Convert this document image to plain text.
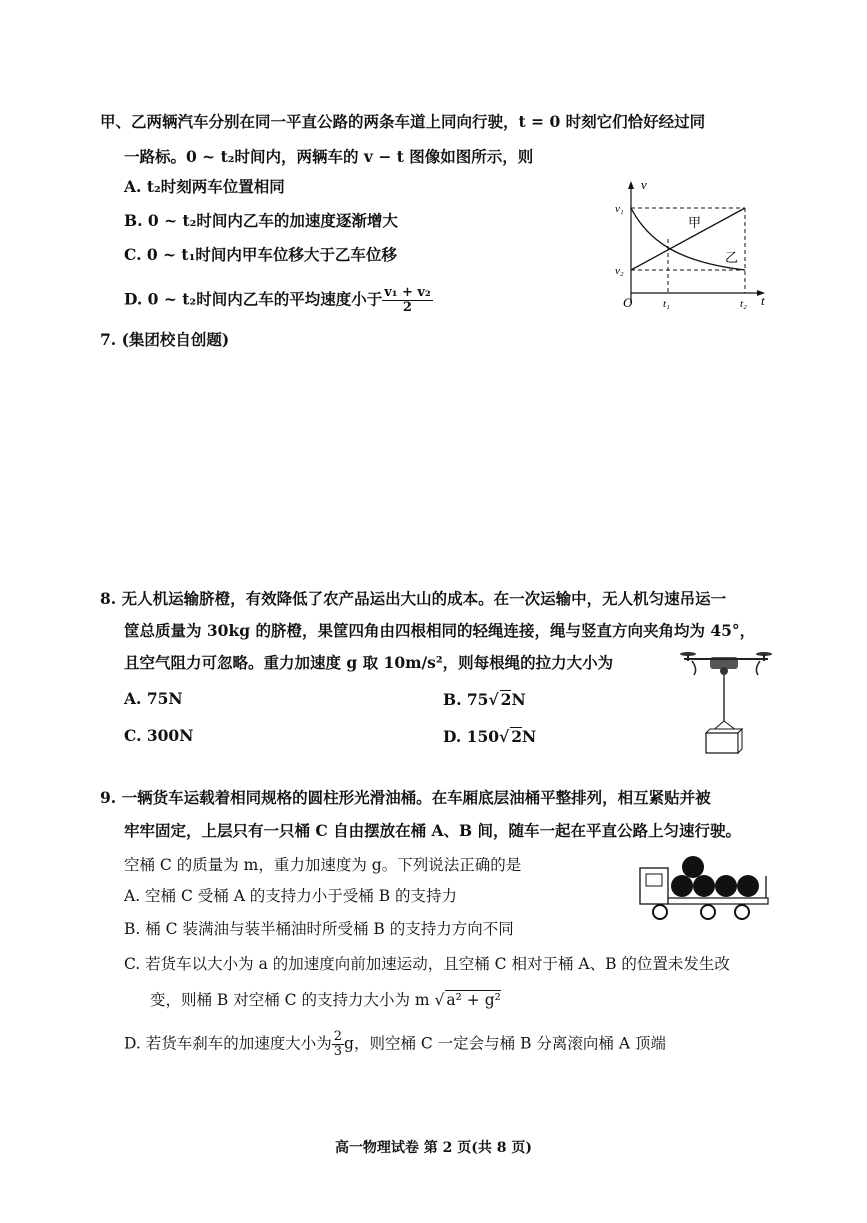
甲、乙两辆汽车分别在同一平直公路的两条车道上同向行驶，t = 0 时刻它们恰好经过同
一路标。0 ~ t₂时间内，两辆车的 v − t 图像如图所示，则
A. t₂时刻两车位置相同
B. 0 ~ t₂时间内乙车的加速度逐渐增大
C. 0 ~ t₁时间内甲车位移大于乙车位移
D. 0 ~ t₂时间内乙车的平均速度小于 $\frac{\text{v₁ + v₂}}{2}$
v
t
O
v₁
v₂
t₁	t₂
甲
乙
7. (集团校自创题)
8. 无人机运输脐橙，有效降低了农产品运出大山的成本。在一次运输中，无人机匀速吊运一
筐总质量为 30kg 的脐橙，果筐四角由四根相同的轻绳连接，绳与竖直方向夹角均为 45°，
且空气阻力可忽略。重力加速度 g 取 10m/s²，则每根绳的拉力大小为
A. 75N	B. 75√ 2N
C. 300N	D. 150√ 2N
9. 一辆货车运载着相同规格的圆柱形光滑油桶。在车厢底层油桶平整排列，相互紧贴并被
牢牢固定，上层只有一只桶 C 自由摆放在桶 A、B 间，随车一起在平直公路上匀速行驶。
空桶 C 的质量为 m，重力加速度为 g。下列说法正确的是
A. 空桶 C 受桶 A 的支持力小于受桶 B 的支持力
B. 桶 C 装满油与装半桶油时所受桶 B 的支持力方向不同
C. 若货车以大小为 a 的加速度向前加速运动，且空桶 C 相对于桶 A、B 的位置未发生改
变，则桶 B 对空桶 C 的支持力大小为 m √ a² + g²
D. 若货车刹车的加速度大小为 $\frac{2}{3}$ g，则空桶 C 一定会与桶 B 分离滚向桶 A 顶端
高一物理试卷 第 2 页(共 8 页)
